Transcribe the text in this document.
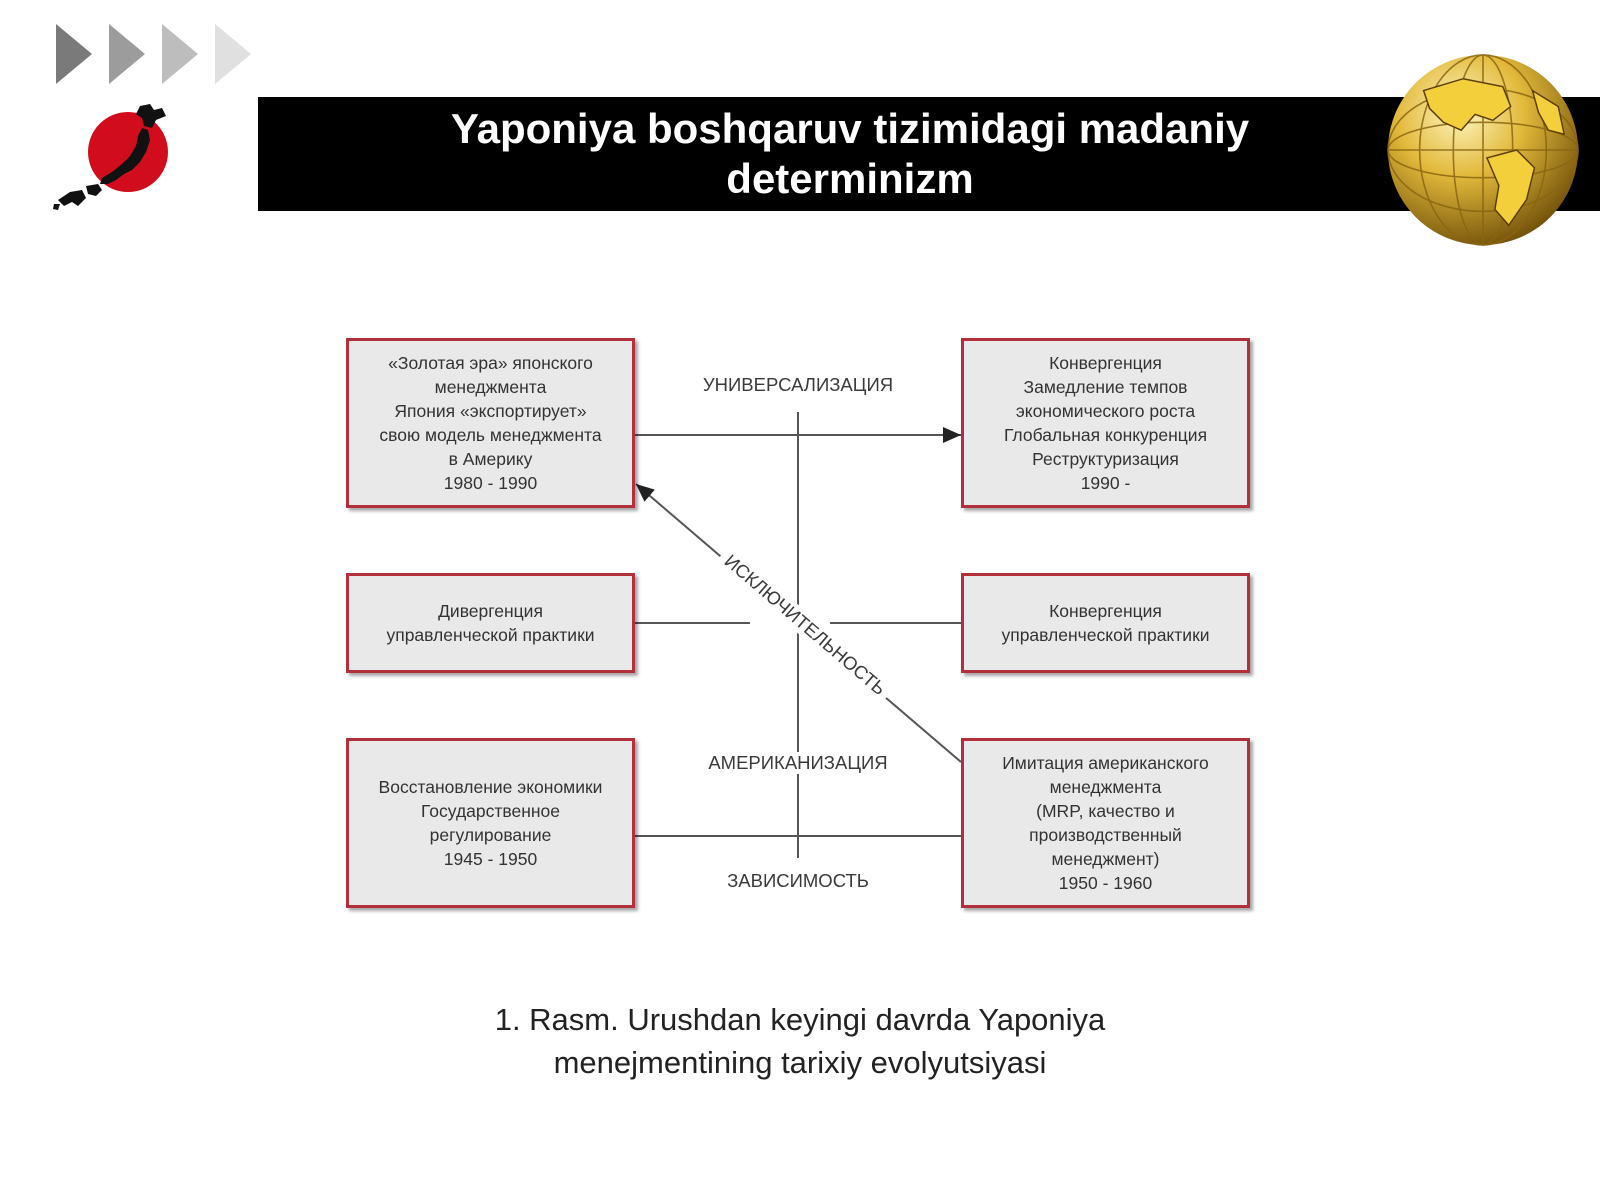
Yaponiya boshqaruv tizimidagi madaniy
determinizm
«Золотая эра» японского
менеджмента
Япония «экспортирует»
свою модель менеджмента
в Америку
1980 - 1990
Конвергенция
Замедление темпов
экономического роста
Глобальная конкуренция
Реструктуризация
1990 -
Дивергенция
управленческой практики
Конвергенция
управленческой практики
Восстановление экономики
Государственное
регулирование
1945 - 1950
Имитация американского
менеджмента
(MRP, качество и
производственный
менеджмент)
1950 - 1960
УНИВЕРСАЛИЗАЦИЯ
АМЕРИКАНИЗАЦИЯ
ЗАВИСИМОСТЬ
ИСКЛЮЧИТЕЛЬНОСТЬ
1. Rasm. Urushdan keyingi davrda Yaponiya
menejmentining tarixiy evolyutsiyasi
